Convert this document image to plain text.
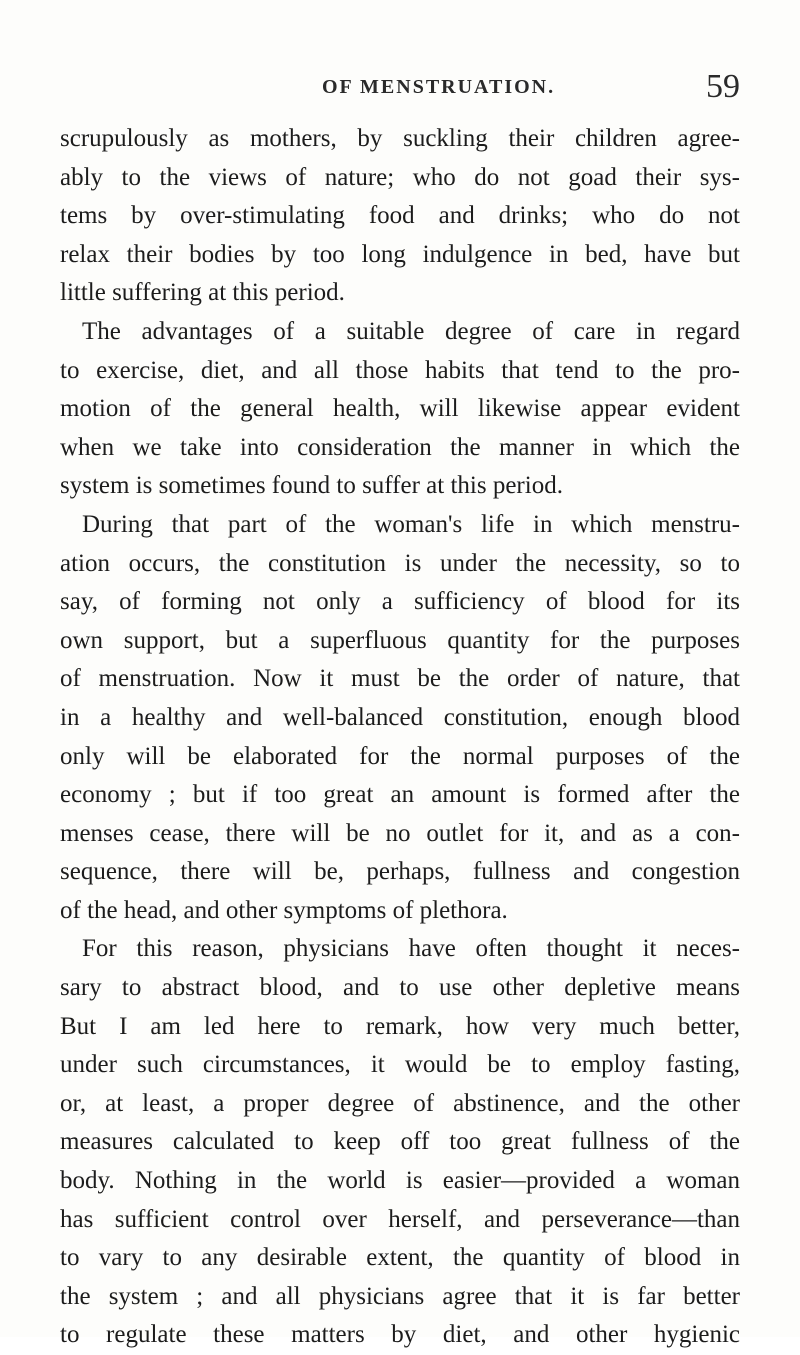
OF MENSTRUATION.	59
scrupulously as mothers, by suckling their children agree-
ably to the views of nature; who do not goad their sys-
tems by over-stimulating food and drinks; who do not
relax their bodies by too long indulgence in bed, have but
little suffering at this period.
The advantages of a suitable degree of care in regard
to exercise, diet, and all those habits that tend to the pro-
motion of the general health, will likewise appear evident
when we take into consideration the manner in which the
system is sometimes found to suffer at this period.
During that part of the woman's life in which menstru-
ation occurs, the constitution is under the necessity, so to
say, of forming not only a sufficiency of blood for its
own support, but a superfluous quantity for the purposes
of menstruation. Now it must be the order of nature, that
in a healthy and well-balanced constitution, enough blood
only will be elaborated for the normal purposes of the
economy ; but if too great an amount is formed after the
menses cease, there will be no outlet for it, and as a con-
sequence, there will be, perhaps, fullness and congestion
of the head, and other symptoms of plethora.
For this reason, physicians have often thought it neces-
sary to abstract blood, and to use other depletive means
But I am led here to remark, how very much better,
under such circumstances, it would be to employ fasting,
or, at least, a proper degree of abstinence, and the other
measures calculated to keep off too great fullness of the
body. Nothing in the world is easier—provided a woman
has sufficient control over herself, and perseverance—than
to vary to any desirable extent, the quantity of blood in
the system ; and all physicians agree that it is far better
to regulate these matters by diet, and other hygienic
